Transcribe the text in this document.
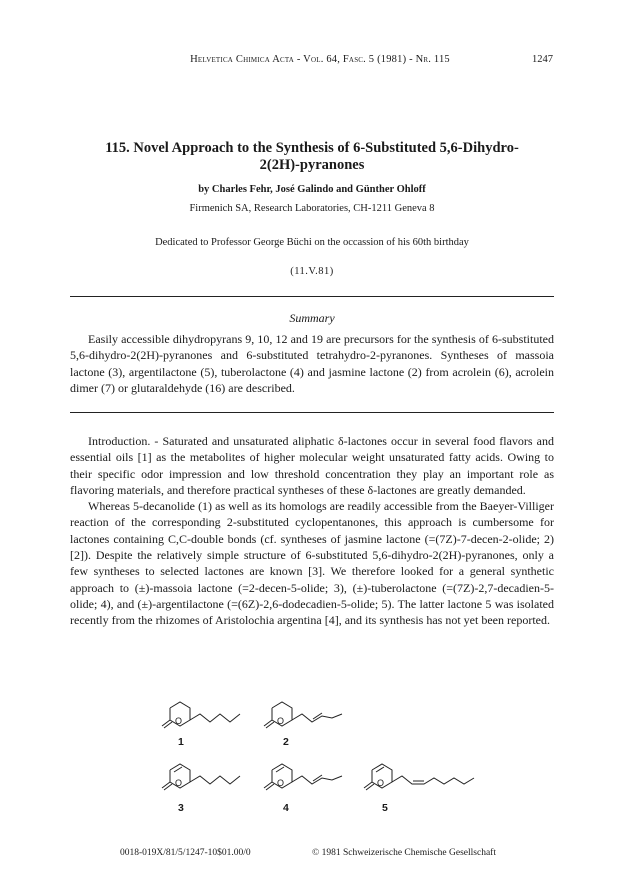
Helvetica Chimica Acta - Vol. 64, Fasc. 5 (1981) - Nr. 115	1247
115. Novel Approach to the Synthesis of 6-Substituted 5,6-Dihydro-2(2H)-pyranones
by Charles Fehr, José Galindo and Günther Ohloff
Firmenich SA, Research Laboratories, CH-1211 Geneva 8
Dedicated to Professor George Büchi on the occassion of his 60th birthday
(11.V.81)
Summary

Easily accessible dihydropyrans 9, 10, 12 and 19 are precursors for the synthesis of 6-substituted 5,6-dihydro-2(2H)-pyranones and 6-substituted tetrahydro-2-pyranones. Syntheses of massoia lactone (3), argentilactone (5), tuberolactone (4) and jasmine lactone (2) from acrolein (6), acrolein dimer (7) or glutaraldehyde (16) are described.

Introduction. - Saturated and unsaturated aliphatic δ-lactones occur in several food flavors and essential oils [1] as the metabolites of higher molecular weight unsaturated fatty acids. Owing to their specific odor impression and low threshold concentration they play an important role as flavoring materials, and therefore practical syntheses of these δ-lactones are greatly demanded.

Whereas 5-decanolide (1) as well as its homologs are readily accessible from the Baeyer-Villiger reaction of the corresponding 2-substituted cyclopentanones, this approach is cumbersome for lactones containing C,C-double bonds (cf. syntheses of jasmine lactone (=(7Z)-7-decen-2-olide; 2) [2]). Despite the relatively simple structure of 6-substituted 5,6-dihydro-2(2H)-pyranones, only a few syntheses to selected lactones are known [3]. We therefore looked for a general synthetic approach to (±)-massoia lactone (=2-decen-5-olide; 3), (±)-tuberolactone (=(7Z)-2,7-decadien-5-olide; 4), and (±)-argentilactone (=(6Z)-2,6-dodecadien-5-olide; 5). The latter lactone 5 was isolated recently from the rhizomes of Aristolochia argentina [4], and its synthesis has not yet been reported.

O	O
O	O	O
1	2
3	4	5
0018-019X/81/5/1247-10$01.00/0	© 1981 Schweizerische Chemische Gesellschaft
